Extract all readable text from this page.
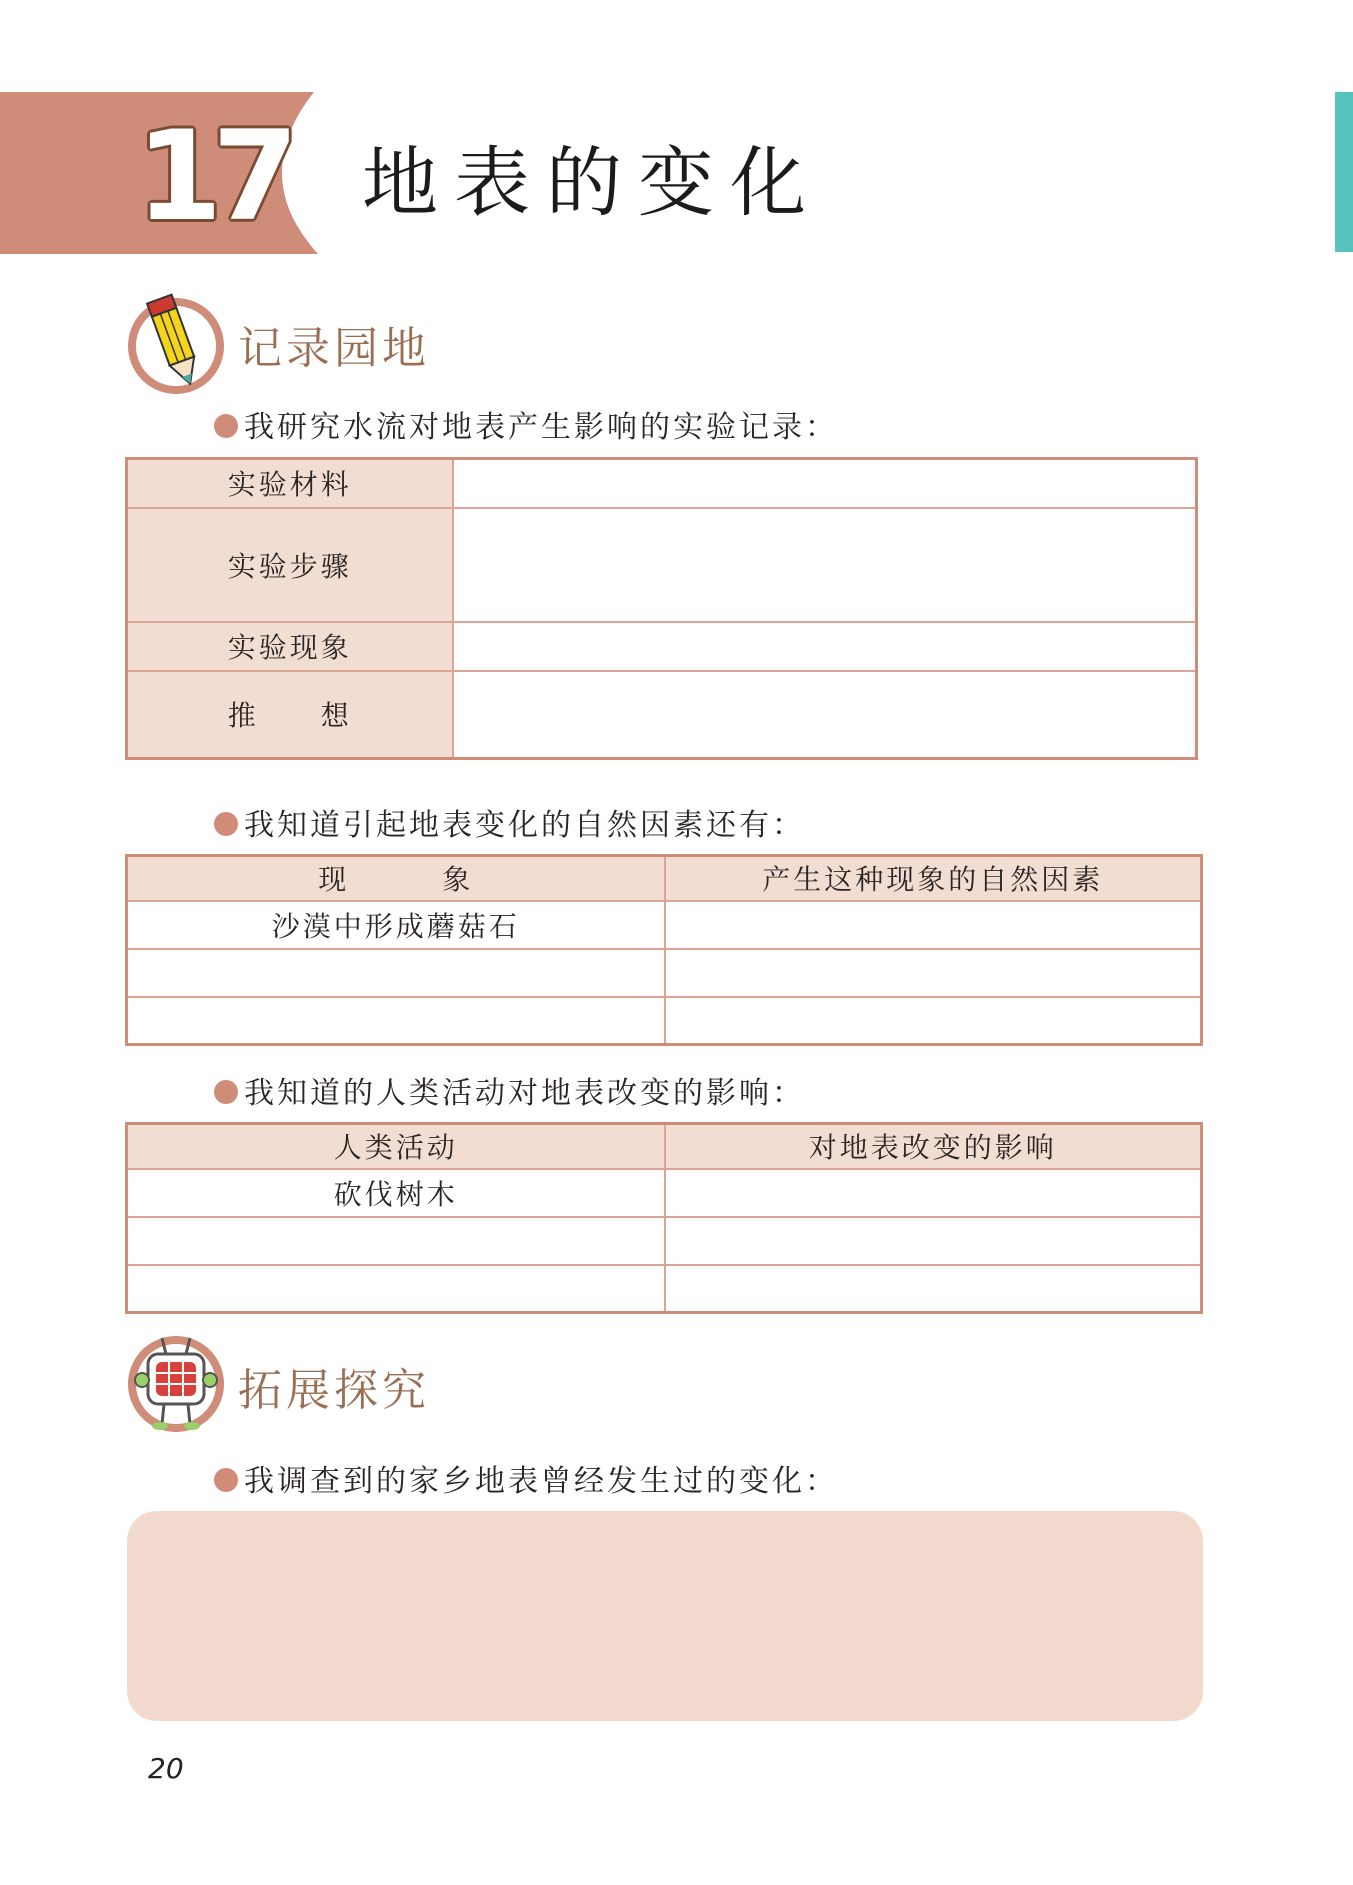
17 地表的变化
记录园地
我研究水流对地表产生影响的实验记录：
实验材料	
实验步骤	
实验现象	
推　　想	
我知道引起地表变化的自然因素还有：
现　　　象	产生这种现象的自然因素
沙漠中形成蘑菇石	

我知道的人类活动对地表改变的影响：
人类活动	对地表改变的影响
砍伐树木	

拓展探究
我调查到的家乡地表曾经发生过的变化：
20
